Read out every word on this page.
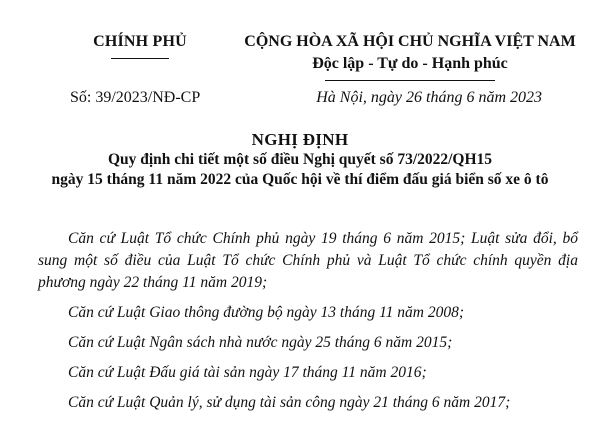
CHÍNH PHỦ	CỘNG HÒA XÃ HỘI CHỦ NGHĨA VIỆT NAM
Độc lập - Tự do - Hạnh phúc
Số: 39/2023/NĐ-CP	Hà Nội, ngày 26 tháng 6 năm 2023
NGHỊ ĐỊNH
Quy định chi tiết một số điều Nghị quyết số 73/2022/QH15
ngày 15 tháng 11 năm 2022 của Quốc hội về thí điểm đấu giá biển số xe ô tô

Căn cứ Luật Tổ chức Chính phủ ngày 19 tháng 6 năm 2015; Luật sửa đổi, bổ sung một số điều của Luật Tổ chức Chính phủ và Luật Tổ chức chính quyền địa phương ngày 22 tháng 11 năm 2019;

Căn cứ Luật Giao thông đường bộ ngày 13 tháng 11 năm 2008;

Căn cứ Luật Ngân sách nhà nước ngày 25 tháng 6 năm 2015;

Căn cứ Luật Đấu giá tài sản ngày 17 tháng 11 năm 2016;

Căn cứ Luật Quản lý, sử dụng tài sản công ngày 21 tháng 6 năm 2017;
